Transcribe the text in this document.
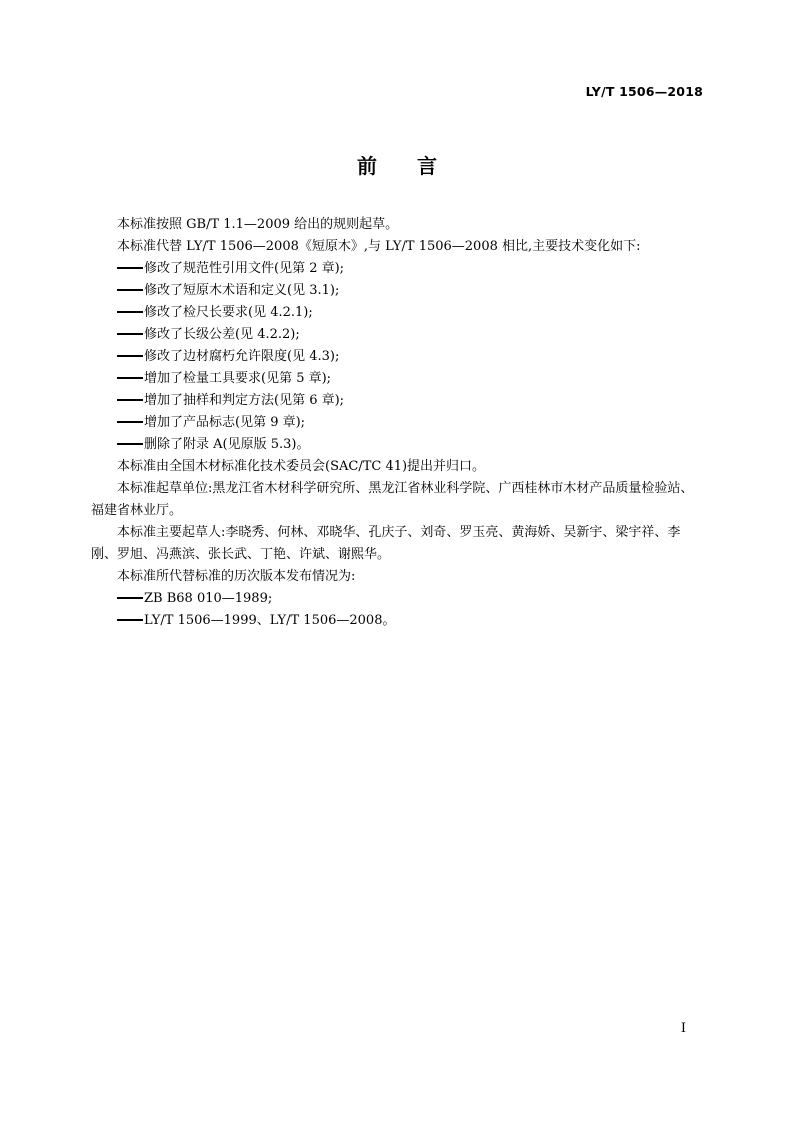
LY/T 1506—2018
前 言

本标准按照 GB/T 1.1—2009 给出的规则起草。

本标准代替 LY/T 1506—2008《短原木》,与 LY/T 1506—2008 相比,主要技术变化如下:

修改了规范性引用文件(见第 2 章);

修改了短原木术语和定义(见 3.1);

修改了检尺长要求(见 4.2.1);

修改了长级公差(见 4.2.2);

修改了边材腐朽允许限度(见 4.3);

增加了检量工具要求(见第 5 章);

增加了抽样和判定方法(见第 6 章);

增加了产品标志(见第 9 章);

删除了附录 A(见原版 5.3)。

本标准由全国木材标准化技术委员会(SAC/TC 41)提出并归口。

本标准起草单位:黑龙江省木材科学研究所、黑龙江省林业科学院、广西桂林市木材产品质量检验站、福建省林业厅。

本标准主要起草人:李晓秀、何林、邓晓华、孔庆子、刘奇、罗玉亮、黄海娇、吴新宇、梁宇祥、李刚、罗旭、冯燕滨、张长武、丁艳、许斌、谢熙华。

本标准所代替标准的历次版本发布情况为:

ZB B68 010—1989;

LY/T 1506—1999、LY/T 1506—2008。

I
